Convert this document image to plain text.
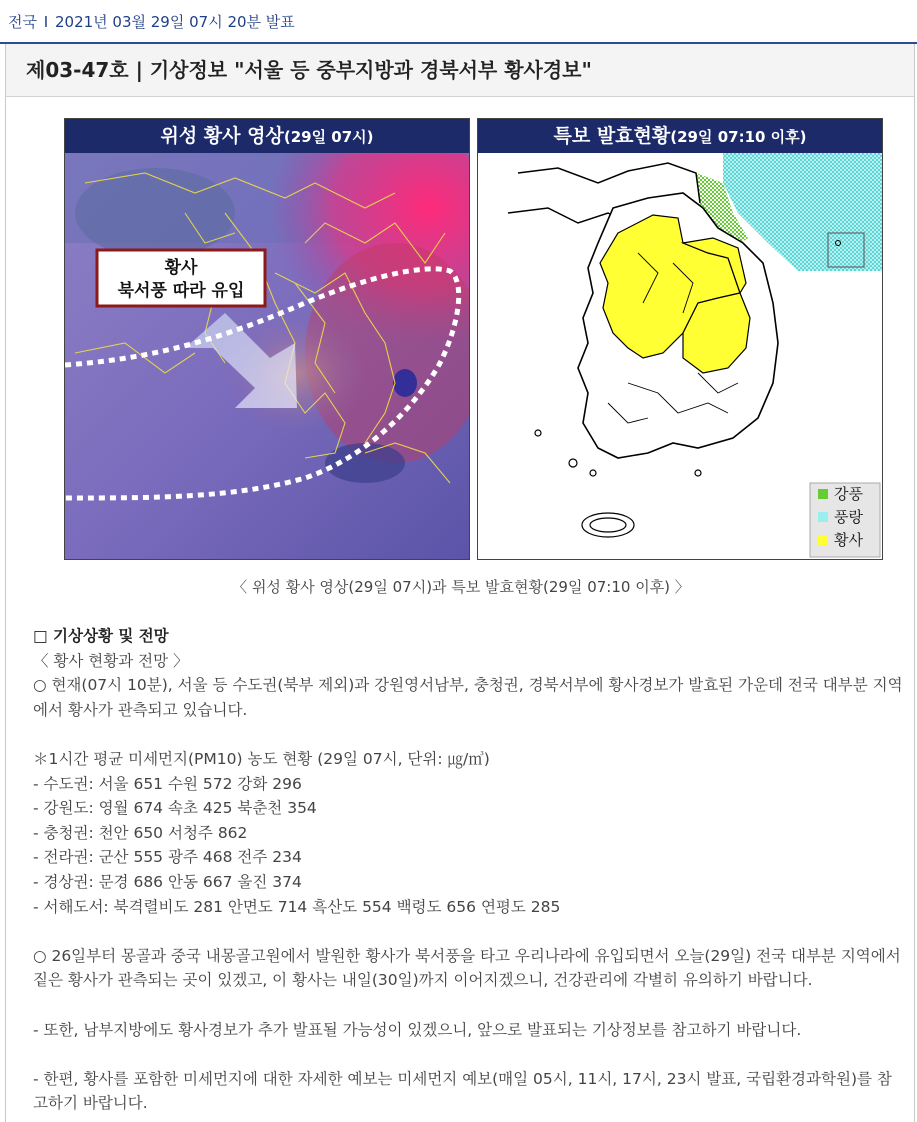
전국 I 2021년 03월 29일 07시 20분 발표
제03-47호 | 기상정보 "서울 등 중부지방과 경북서부 황사경보"
위성 황사 영상(29일 07시)
황사
북서풍 따라 유입
특보 발효현황(29일 07:10 이후)
강풍
풍랑
황사
〈 위성 황사 영상(29일 07시)과 특보 발효현황(29일 07:10 이후) 〉

□ 기상상황 및 전망

〈 황사 현황과 전망 〉

○ 현재(07시 10분), 서울 등 수도권(북부 제외)과 강원영서남부, 충청권, 경북서부에 황사경보가 발효된 가운데 전국 대부분 지역에서 황사가 관측되고 있습니다.

＊1시간 평균 미세먼지(PM10) 농도 현황 (29일 07시, 단위: ㎍/㎥)

- 수도권: 서울 651 수원 572 강화 296

- 강원도: 영월 674 속초 425 북춘천 354

- 충청권: 천안 650 서청주 862

- 전라권: 군산 555 광주 468 전주 234

- 경상권: 문경 686 안동 667 울진 374

- 서해도서: 북격렬비도 281 안면도 714 흑산도 554 백령도 656 연평도 285

○ 26일부터 몽골과 중국 내몽골고원에서 발원한 황사가 북서풍을 타고 우리나라에 유입되면서 오늘(29일) 전국 대부분 지역에서 짙은 황사가 관측되는 곳이 있겠고, 이 황사는 내일(30일)까지 이어지겠으니, 건강관리에 각별히 유의하기 바랍니다.

- 또한, 남부지방에도 황사경보가 추가 발표될 가능성이 있겠으니, 앞으로 발표되는 기상정보를 참고하기 바랍니다.

- 한편, 황사를 포함한 미세먼지에 대한 자세한 예보는 미세먼지 예보(매일 05시, 11시, 17시, 23시 발표, 국립환경과학원)를 참고하기 바랍니다.
